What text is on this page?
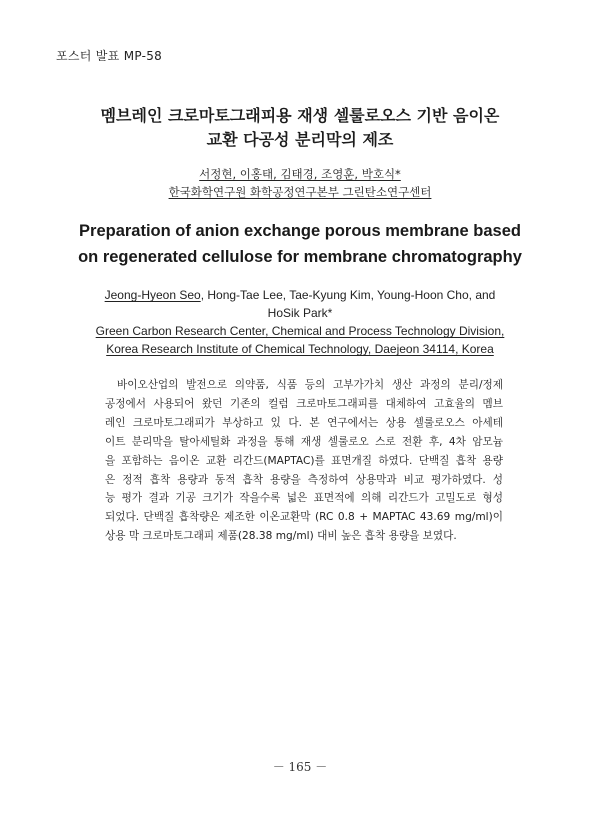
포스터 발표 MP-58
멤브레인 크로마토그래피용 재생 셀룰로오스 기반 음이온
교환 다공성 분리막의 제조
서정현, 이홍태, 김태경, 조영훈, 박호식*
한국화학연구원 화학공정연구본부 그린탄소연구센터
Preparation of anion exchange porous membrane based
on regenerated cellulose for membrane chromatography
Jeong-Hyeon Seo, Hong-Tae Lee, Tae-Kyung Kim, Young-Hoon Cho, and
HoSik Park*
Green Carbon Research Center, Chemical and Process Technology Division,
Korea Research Institute of Chemical Technology, Daejeon 34114, Korea
바이오산업의 발전으로 의약품, 식품 등의 고부가가치 생산 과정의 분리/정제
공정에서 사용되어 왔던 기존의 컬럼 크로마토그래피를 대체하여 고효율의 멤브
레인 크로마토그래피가 부상하고 있 다. 본 연구에서는 상용 셀룰로오스 아세테
이트 분리막을 탈아세틸화 과정을 통해 재생 셀룰로오 스로 전환 후, 4차 암모늄
을 포함하는 음이온 교환 리간드(MAPTAC)를 표면개질 하였다. 단백질 흡착 용량
은 정적 흡착 용량과 동적 흡착 용량을 측정하여 상용막과 비교 평가하였다. 성
능 평가 결과 기공 크기가 작을수록 넓은 표면적에 의해 리간드가 고밀도로 형성
되었다. 단백질 흡착량은 제조한 이온교환막 (RC 0.8 + MAPTAC 43.69 mg/ml)이
상용 막 크로마토그래피 제품(28.38 mg/ml) 대비 높은 흡착 용량을 보였다.
－ 165 －
